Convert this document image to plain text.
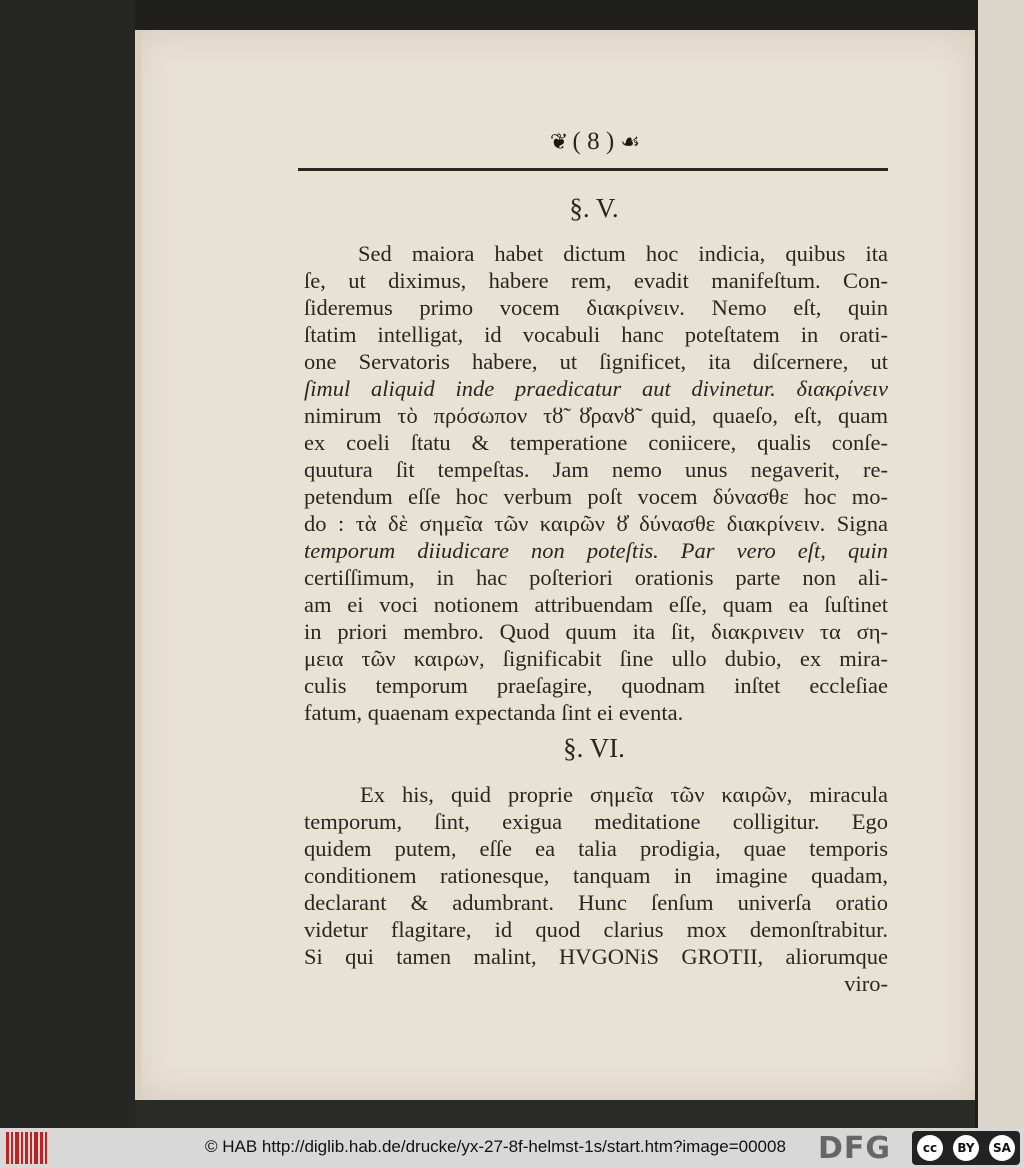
❦ ( 8 ) ☙
§. V.
Sed maiora habet dictum hoc indicia, quibus ita
ſe, ut diximus, habere rem, evadit manifeſtum. Con-
ſideremus primo vocem διακρίνειν. Nemo eſt, quin
ſtatim intelligat, id vocabuli hanc poteſtatem in orati-
one Servatoris habere, ut ſignificet, ita diſcernere, ut
ſimul aliquid inde praedicatur aut divinetur. διακρίνειν
nimirum τὸ πρόσωπον τȣ̃ ȣ̓ρανȣ̃ quid, quaeſo, eſt, quam
ex coeli ſtatu & temperatione coniicere, qualis conſe-
quutura ſit tempeſtas. Jam nemo unus negaverit, re-
petendum eſſe hoc verbum poſt vocem δύνασθε hoc mo-
do : τὰ δὲ σημεῖα τῶν καιρῶν ȣ̓ δύνασθε διακρίνειν. Signa
temporum diiudicare non poteſtis. Par vero eſt, quin
certiſſimum, in hac poſteriori orationis parte non ali-
am ei voci notionem attribuendam eſſe, quam ea ſuſtinet
in priori membro. Quod quum ita ſit, διακρινειν τα ση-
μεια τῶν καιρων, ſignificabit ſine ullo dubio, ex mira-
culis temporum praeſagire, quodnam inſtet eccleſiae
fatum, quaenam expectanda ſint ei eventa.
§. VI.
Ex his, quid proprie σημεῖα τῶν καιρῶν, miracula
temporum, ſint, exigua meditatione colligitur. Ego
quidem putem, eſſe ea talia prodigia, quae temporis
conditionem rationesque, tanquam in imagine quadam,
declarant & adumbrant. Hunc ſenſum univerſa oratio
videtur flagitare, id quod clarius mox demonſtrabitur.
Si qui tamen malint, HVGONiS GROTII, aliorumque
viro-
© HAB http://diglib.hab.de/drucke/yx-27-8f-helmst-1s/start.htm?image=00008 DFG	cc	BY	SA
